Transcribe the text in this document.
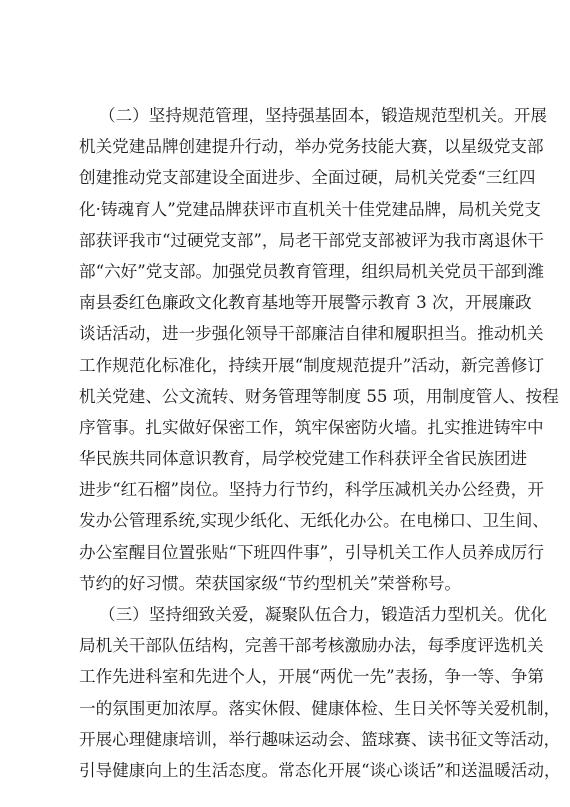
（二）坚持规范管理，坚持强基固本，锻造规范型机关。开展
机关党建品牌创建提升行动，举办党务技能大赛，以星级党支部
创建推动党支部建设全面进步、全面过硬，局机关党委“三红四
化·铸魂育人”党建品牌获评市直机关十佳党建品牌，局机关党支
部获评我市“过硬党支部”，局老干部党支部被评为我市离退休干
部“六好”党支部。加强党员教育管理，组织局机关党员干部到潍
南县委红色廉政文化教育基地等开展警示教育 3 次，开展廉政
谈话活动，进一步强化领导干部廉洁自律和履职担当。推动机关
工作规范化标准化，持续开展“制度规范提升”活动，新完善修订
机关党建、公文流转、财务管理等制度 55 项，用制度管人、按程
序管事。扎实做好保密工作，筑牢保密防火墙。扎实推进铸牢中
华民族共同体意识教育，局学校党建工作科获评全省民族团进
进步“红石榴”岗位。坚持力行节约，科学压减机关办公经费，开
发办公管理系统,实现少纸化、无纸化办公。在电梯口、卫生间、
办公室醒目位置张贴“下班四件事”，引导机关工作人员养成厉行
节约的好习惯。荣获国家级“节约型机关”荣誉称号。
（三）坚持细致关爱，凝聚队伍合力，锻造活力型机关。优化
局机关干部队伍结构，完善干部考核激励办法，每季度评选机关
工作先进科室和先进个人，开展“两优一先”表扬，争一等、争第
一的氛围更加浓厚。落实休假、健康体检、生日关怀等关爱机制，
开展心理健康培训，举行趣味运动会、篮球赛、读书征文等活动，
引导健康向上的生活态度。常态化开展“谈心谈话”和送温暖活动，
